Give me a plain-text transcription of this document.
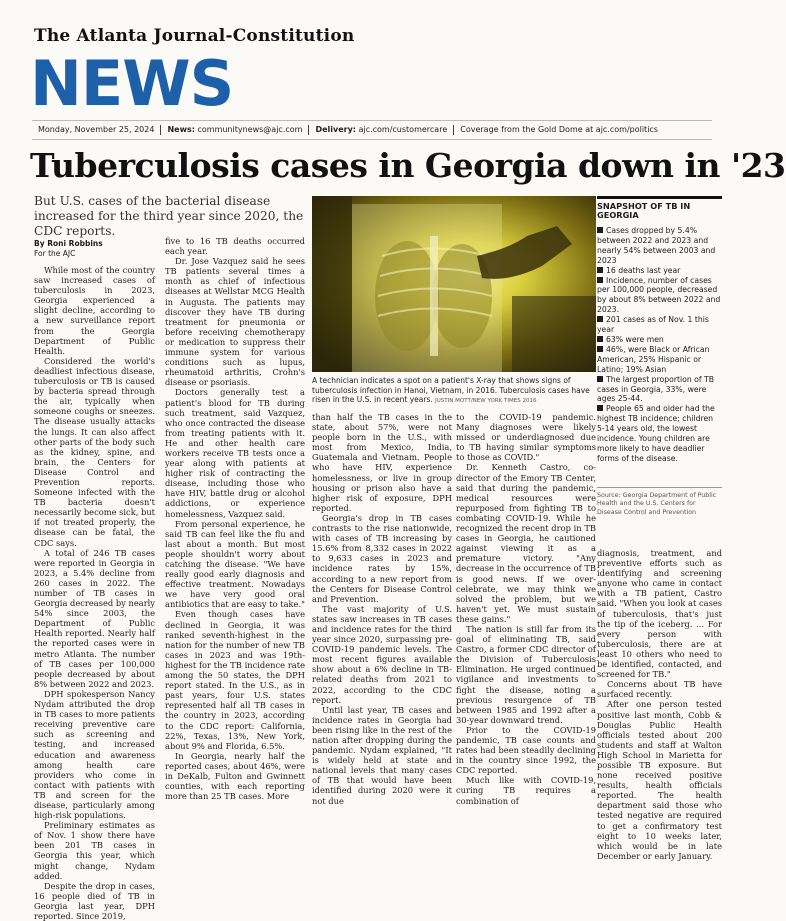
The Atlanta Journal-Constitution
NEWS
Monday, November 25, 2024	News: communitynews@ajc.com	Delivery: ajc.com/customercare	Coverage from the Gold Dome at ajc.com/politics
Tuberculosis cases in Georgia down in '23
But U.S. cases of the bacterial disease increased for the third year since 2020, the CDC reports.
By Roni Robbins
For the AJC

While most of the country saw increased cases of tuberculosis in 2023, Georgia experienced a slight decline, according to a new surveillance report from the Georgia Department of Public Health.

Considered the world's deadliest infectious disease, tuberculosis or TB is caused by bacteria spread through the air, typically when someone coughs or sneezes. The disease usually attacks the lungs. It can also affect other parts of the body such as the kidney, spine, and brain, the Centers for Disease Control and Prevention reports. Someone infected with the TB bacteria doesn't necessarily become sick, but if not treated properly, the disease can be fatal, the CDC says.

A total of 246 TB cases were reported in Georgia in 2023, a 5.4% decline from 260 cases in 2022. The number of TB cases in Georgia decreased by nearly 54% since 2003, the Department of Public Health reported. Nearly half the reported cases were in metro Atlanta. The number of TB cases per 100,000 people decreased by about 8% between 2022 and 2023.

DPH spokesperson Nancy Nydam attributed the drop in TB cases to more patients receiving preventive care such as screening and testing, and increased education and awareness among health care providers who come in contact with patients with TB and screen for the disease, particularly among high-risk populations.

Preliminary estimates as of Nov. 1 show there have been 201 TB cases in Georgia this year, which might change, Nydam added.

Despite the drop in cases, 16 people died of TB in Georgia last year, DPH reported. Since 2019,

five to 16 TB deaths occurred each year.

Dr. Jose Vazquez said he sees TB patients several times a month as chief of infectious diseases at Wellstar MCG Health in Augusta. The patients may discover they have TB during treatment for pneumonia or before receiving chemotherapy or medication to suppress their immune system for various conditions such as lupus, rheumatoid arthritis, Crohn's disease or psoriasis.

Doctors generally test a patient's blood for TB during such treatment, said Vazquez, who once contracted the disease from treating patients with it. He and other health care workers receive TB tests once a year along with patients at higher risk of contracting the disease, including those who have HIV, battle drug or alcohol addictions, or experience homelessness, Vazquez said.

From personal experience, he said TB can feel like the flu and last about a month. But most people shouldn't worry about catching the disease. "We have really good early diagnosis and effective treatment. Nowadays we have very good oral antibiotics that are easy to take."

Even though cases have declined in Georgia, it was ranked seventh-highest in the nation for the number of new TB cases in 2023 and was 19th-highest for the TB incidence rate among the 50 states, the DPH report stated. In the U.S., as in past years, four U.S. states represented half all TB cases in the country in 2023, according to the CDC report: California, 22%, Texas, 13%, New York, about 9% and Florida, 6.5%.

In Georgia, nearly half the reported cases, about 46%, were in DeKalb, Fulton and Gwinnett counties, with each reporting more than 25 TB cases. More

A technician indicates a spot on a patient's X-ray that shows signs of tuberculosis infection in Hanoi, Vietnam, in 2016. Tuberculosis cases have risen in the U.S. in recent years. JUSTIN MOTT/NEW YORK TIMES 2016

than half the TB cases in the state, about 57%, were not people born in the U.S., with most from Mexico, India, Guatemala and Vietnam. People who have HIV, experience homelessness, or live in group housing or prison also have a higher risk of exposure, DPH reported.

Georgia's drop in TB cases contrasts to the rise nationwide, with cases of TB increasing by 15.6% from 8,332 cases in 2022 to 9,633 cases in 2023 and incidence rates by 15%, according to a new report from the Centers for Disease Control and Prevention.

The vast majority of U.S. states saw increases in TB cases and incidence rates for the third year since 2020, surpassing pre-COVID-19 pandemic levels. The most recent figures available show about a 6% decline in TB-related deaths from 2021 to 2022, according to the CDC report.

Until last year, TB cases and incidence rates in Georgia had been rising like in the rest of the nation after dropping during the pandemic. Nydam explained, "It is widely held at state and national levels that many cases of TB that would have been identified during 2020 were it not due

to the COVID-19 pandemic. Many diagnoses were likely missed or underdiagnosed due to TB having similar symptoms to those as COVID."

Dr. Kenneth Castro, co-director of the Emory TB Center, said that during the pandemic, medical resources were repurposed from fighting TB to combating COVID-19. While he recognized the recent drop in TB cases in Georgia, he cautioned against viewing it as a premature victory. "Any decrease in the occurrence of TB is good news. If we over-celebrate, we may think we solved the problem, but we haven't yet. We must sustain these gains."

The nation is still far from its goal of eliminating TB, said Castro, a former CDC director of the Division of Tuberculosis Elimination. He urged continued vigilance and investments to fight the disease, noting a previous resurgence of TB between 1985 and 1992 after a 30-year downward trend.

Prior to the COVID-19 pandemic, TB case counts and rates had been steadily declining in the country since 1992, the CDC reported.

Much like with COVID-19, curing TB requires a combination of

SNAPSHOT OF TB IN GEORGIA
Cases dropped by 5.4% between 2022 and 2023 and nearly 54% between 2003 and 2023
16 deaths last year
Incidence, number of cases per 100,000 people, decreased by about 8% between 2022 and 2023.
201 cases as of Nov. 1 this year
63% were men
46%, were Black or African American, 25% Hispanic or Latino; 19% Asian
The largest proportion of TB cases in Georgia, 33%, were ages 25-44.
People 65 and older had the highest TB incidence; children 5-14 years old, the lowest incidence. Young children are more likely to have deadlier forms of the disease.
Source: Georgia Department of Public Health and the U.S. Centers for Disease Control and Prevention

diagnosis, treatment, and preventive efforts such as identifying and screening anyone who came in contact with a TB patient, Castro said. "When you look at cases of tuberculosis, that's just the tip of the iceberg. ... For every person with tuberculosis, there are at least 10 others who need to be identified, contacted, and screened for TB."

Concerns about TB have surfaced recently.

After one person tested positive last month, Cobb & Douglas Public Health officials tested about 200 students and staff at Walton High School in Marietta for possible TB exposure. But none received positive results, health officials reported. The health department said those who tested negative are required to get a confirmatory test eight to 10 weeks later, which would be in late December or early January.
